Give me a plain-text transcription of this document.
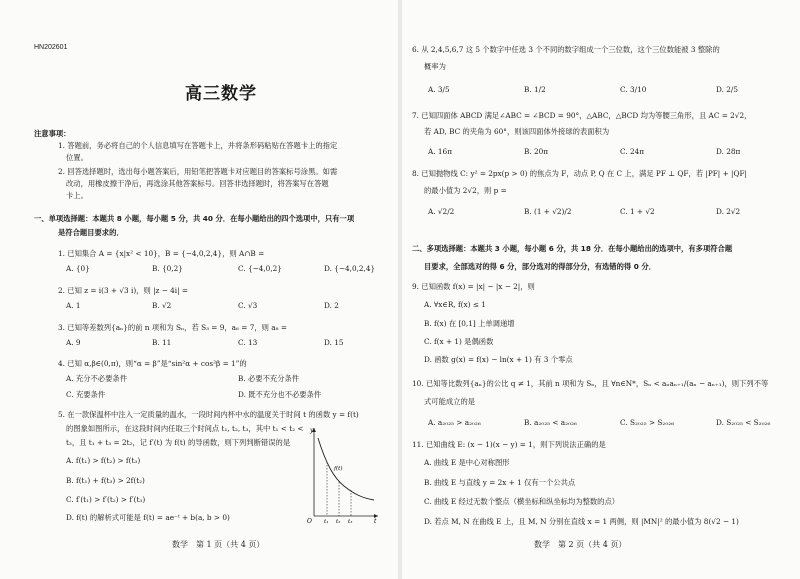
HN202601
高三数学
注意事项：
1. 答题前，务必将自己的个人信息填写在答题卡上，并将条形码粘贴在答题卡上的指定
位置。
2. 回答选择题时，选出每小题答案后，用铅笔把答题卡对应题目的答案标号涂黑。如需
改动，用橡皮擦干净后，再选涂其他答案标号。回答非选择题时，将答案写在答题
卡上。
一、单项选择题：本题共 8 小题，每小题 5 分，共 40 分．在每小题给出的四个选项中，只有一项
是符合题目要求的．
1. 已知集合 A = {x|x² < 10}，B = {−4,0,2,4}，则 A∩B =
A. {0}	B. {0,2}	C. {−4,0,2}	D. {−4,0,2,4}
2. 已知 z = i(3 + √3 i)，则 |z − 4i| =
A. 1	B. √2	C. √3	D. 2
3. 已知等差数列{aₙ}的前 n 项和为 Sₙ，若 S₃ = 9，a₆ = 7，则 a₈ =
A. 9	B. 11	C. 13	D. 15
4. 已知 α,β∈(0,π)，则“α = β”是“sin²α + cos²β = 1”的
A. 充分不必要条件	B. 必要不充分条件
C. 充要条件	D. 既不充分也不必要条件
5. 在一款保温杯中注入一定质量的温水，一段时间内杯中水的温度关于时间 t 的函数 y = f(t)
的图象如图所示，在这段时间内任取三个时间点 t₁, t₂, t₃，其中 t₁ < t₂ <
t₃，且 t₁ + t₃ = 2t₂，记 f′(t) 为 f(t) 的导函数，则下列判断错误的是
A. f(t₁) > f(t₂) > f(t₃)
B. f(t₁) + f(t₃) > 2f(t₂)
C. f′(t₁) > f′(t₂) > f′(t₃)
D. f(t) 的解析式可能是 f(t) = ae⁻ᵗ + b(a, b > 0)
y
f(t)
t
O t₁ t₂ t₃
数学　第 1 页（共 4 页）
6. 从 2,4,5,6,7 这 5 个数字中任选 3 个不同的数字组成一个三位数，这个三位数能被 3 整除的
概率为
A. 3/5	B. 1/2	C. 3/10	D. 2/5
7. 已知四面体 ABCD 满足∠ABC = ∠BCD = 90°，△ABC，△BCD 均为等腰三角形，且 AC = 2√2，
若 AD, BC 的夹角为 60°，则该四面体外接球的表面积为
A. 16π	B. 20π	C. 24π	D. 28π
8. 已知抛物线 C: y² = 2px(p > 0) 的焦点为 F，动点 P, Q 在 C 上，满足 PF ⊥ QF，若 |PF| + |QF|
的最小值为 2√2，则 p =
A. √2/2	B. (1 + √2)/2	C. 1 + √2	D. 2√2
二、多项选择题：本题共 3 小题，每小题 6 分，共 18 分．在每小题给出的选项中，有多项符合题
目要求，全部选对的得 6 分，部分选对的得部分分，有选错的得 0 分．
9. 已知函数 f(x) = |x| − |x − 2|，则
A. ∀x∈R, f(x) ≤ 1
B. f(x) 在 [0,1] 上单调递增
C. f(x + 1) 是偶函数
D. 函数 g(x) = f(x) − ln(x + 1) 有 3 个零点
10. 已知等比数列{aₙ}的公比 q ≠ 1，其前 n 项和为 Sₙ，且 ∀n∈N*，Sₙ < aₙaₙ₊₁/(aₙ − aₙ₊₁)，则下列不等
式可能成立的是
A. a₂₀₂₅ > a₂₀₂₆	B. a₂₀₂₅ < a₂₀₂₆	C. S₂₀₂₅ > S₂₀₂₆	D. S₂₀₂₅ < S₂₀₂₆
11. 已知曲线 E: (x − 1)(x − y) = 1，则下列说法正确的是
A. 曲线 E 是中心对称图形
B. 曲线 E 与直线 y = 2x + 1 仅有一个公共点
C. 曲线 E 经过无数个整点（横坐标和纵坐标均为整数的点）
D. 若点 M, N 在曲线 E 上，且 M, N 分别在直线 x = 1 两侧，则 |MN|² 的最小值为 8(√2 − 1)
数学　第 2 页（共 4 页）
